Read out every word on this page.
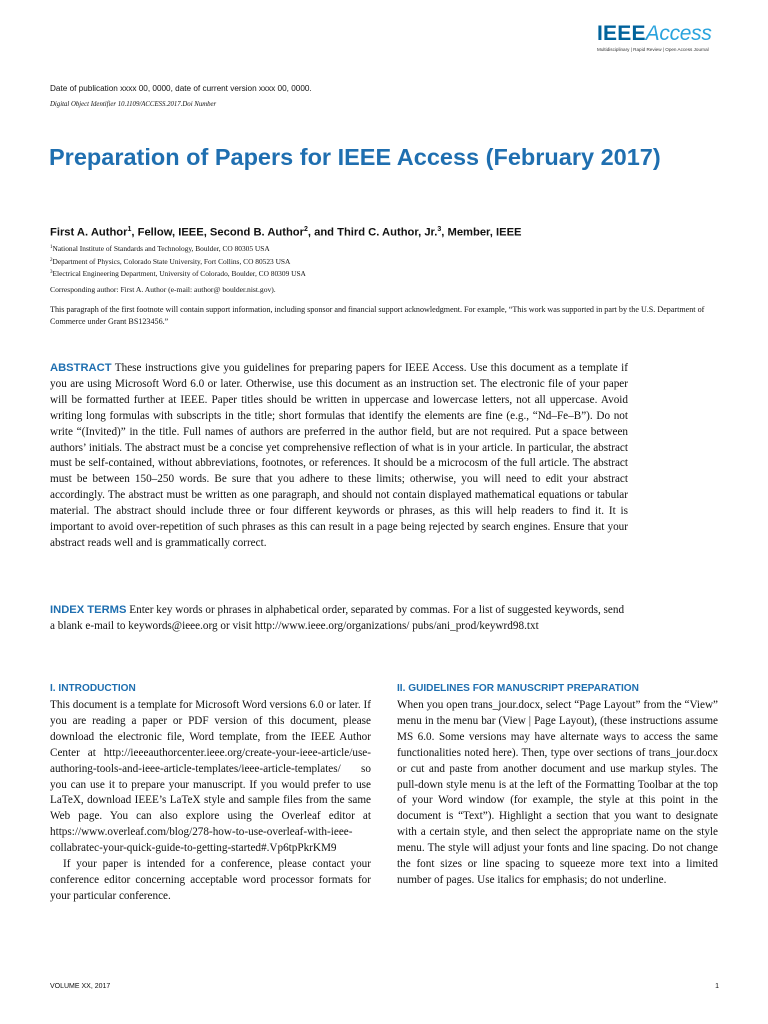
IEEE Access
Multidisciplinary | Rapid Review | Open Access Journal
Date of publication xxxx 00, 0000, date of current version xxxx 00, 0000.
Digital Object Identifier 10.1109/ACCESS.2017.Doi Number
Preparation of Papers for IEEE Access (February 2017)
First A. Author$^1$, Fellow, IEEE, Second B. Author$^2$, and Third C. Author, Jr.$^3$, Member, IEEE
$^1$National Institute of Standards and Technology, Boulder, CO 80305 USA
$^2$Department of Physics, Colorado State University, Fort Collins, CO 80523 USA
$^3$Electrical Engineering Department, University of Colorado, Boulder, CO 80309 USA
Corresponding author: First A. Author (e-mail: author@ boulder.nist.gov).
This paragraph of the first footnote will contain support information, including sponsor and financial support acknowledgment. For example, “This work was supported in part by the U.S. Department of Commerce under Grant BS123456.”

ABSTRACT These instructions give you guidelines for preparing papers for IEEE Access. Use this document as a template if you are using Microsoft Word 6.0 or later. Otherwise, use this document as an instruction set. The electronic file of your paper will be formatted further at IEEE. Paper titles should be written in uppercase and lowercase letters, not all uppercase. Avoid writing long formulas with subscripts in the title; short formulas that identify the elements are fine (e.g., “Nd–Fe–B”). Do not write “(Invited)” in the title. Full names of authors are preferred in the author field, but are not required. Put a space between authors’ initials. The abstract must be a concise yet comprehensive reflection of what is in your article. In particular, the abstract must be self-contained, without abbreviations, footnotes, or references. It should be a microcosm of the full article. The abstract must be between 150–250 words. Be sure that you adhere to these limits; otherwise, you will need to edit your abstract accordingly. The abstract must be written as one paragraph, and should not contain displayed mathematical equations or tabular material. The abstract should include three or four different keywords or phrases, as this will help readers to find it. It is important to avoid over-repetition of such phrases as this can result in a page being rejected by search engines. Ensure that your abstract reads well and is grammatically correct.

INDEX TERMS Enter key words or phrases in alphabetical order, separated by commas. For a list of suggested keywords, send a blank e-mail to keywords@ieee.org or visit http://www.ieee.org/organizations/ pubs/ani_prod/keywrd98.txt

I. INTRODUCTION

This document is a template for Microsoft Word versions 6.0 or later. If you are reading a paper or PDF version of this document, please download the electronic file, Word template, from the IEEE Author Center at http://ieeeauthorcenter.ieee.org/create-your-ieee-article/use-authoring-tools-and-ieee-article-templates/ieee-article-templates/ so you can use it to prepare your manuscript. If you would prefer to use LaTeX, download IEEE’s LaTeX style and sample files from the same Web page. You can also explore using the Overleaf editor at https://www.overleaf.com/blog/278-how-to-use-overleaf-with-ieee-collabratec-your-quick-guide-to-getting-started#.Vp6tpPkrKM9

If your paper is intended for a conference, please contact your conference editor concerning acceptable word processor formats for your particular conference.

II. GUIDELINES FOR MANUSCRIPT PREPARATION

When you open trans_jour.docx, select “Page Layout” from the “View” menu in the menu bar (View | Page Layout), (these instructions assume MS 6.0. Some versions may have alternate ways to access the same functionalities noted here). Then, type over sections of trans_jour.docx or cut and paste from another document and use markup styles. The pull-down style menu is at the left of the Formatting Toolbar at the top of your Word window (for example, the style at this point in the document is “Text”). Highlight a section that you want to designate with a certain style, and then select the appropriate name on the style menu. The style will adjust your fonts and line spacing. Do not change the font sizes or line spacing to squeeze more text into a limited number of pages. Use italics for emphasis; do not underline.

VOLUME XX, 2017	1
